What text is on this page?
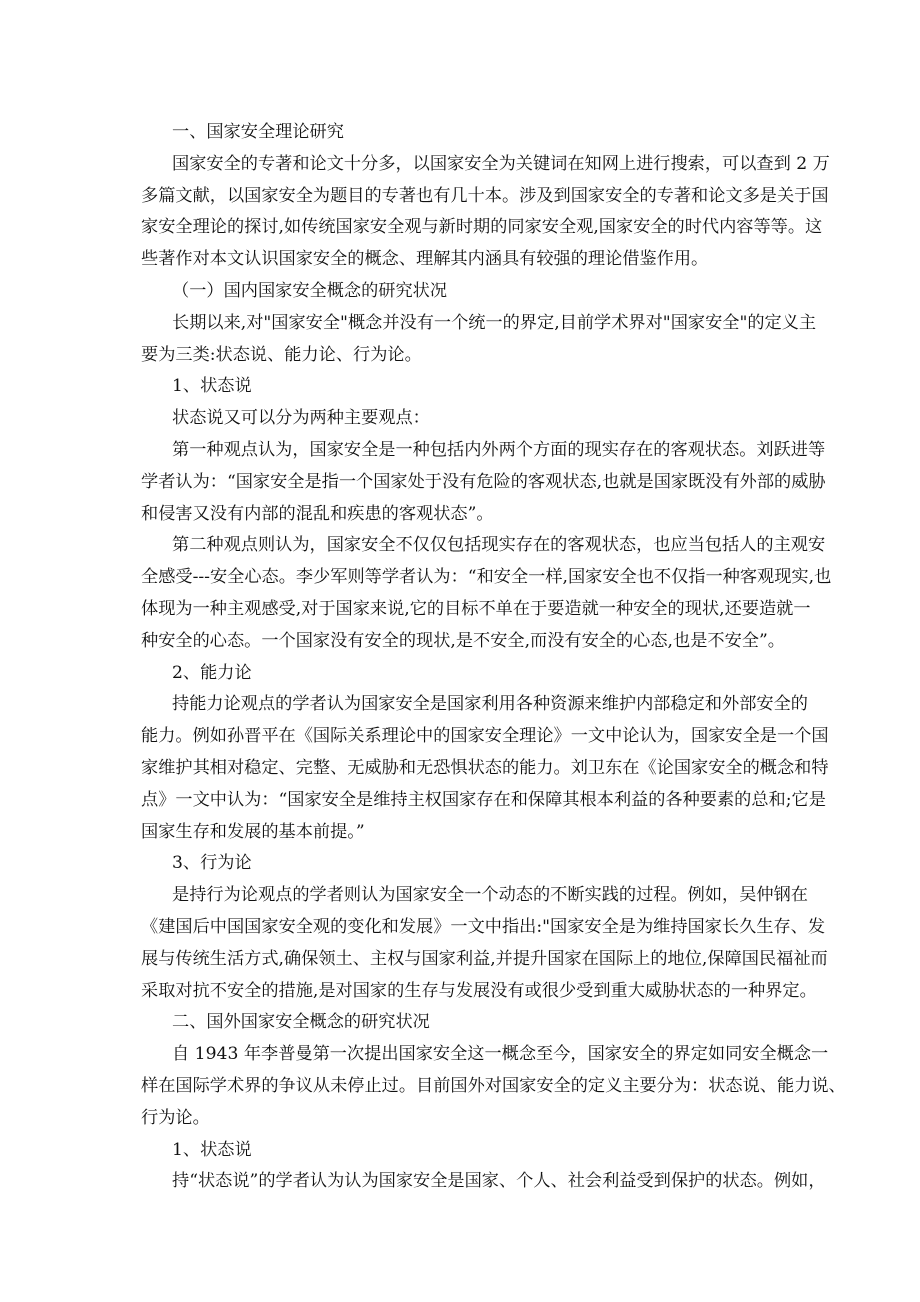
一、国家安全理论研究
国家安全的专著和论文十分多，以国家安全为关键词在知网上进行搜索，可以查到 2 万
多篇文献，以国家安全为题目的专著也有几十本。涉及到国家安全的专著和论文多是关于国
家安全理论的探讨,如传统国家安全观与新时期的同家安全观,国家安全的时代内容等等。这
些著作对本文认识国家安全的概念、理解其内涵具有较强的理论借鉴作用。
（一）国内国家安全概念的研究状况
长期以来,对"国家安全"概念并没有一个统一的界定,目前学术界对"国家安全"的定义主
要为三类:状态说、能力论、行为论。
1、状态说
状态说又可以分为两种主要观点：
第一种观点认为，国家安全是一种包括内外两个方面的现实存在的客观状态。刘跃进等
学者认为：“国家安全是指一个国家处于没有危险的客观状态,也就是国家既没有外部的威胁
和侵害又没有内部的混乱和疾患的客观状态”。
第二种观点则认为，国家安全不仅仅包括现实存在的客观状态，也应当包括人的主观安
全感受---安全心态。李少军则等学者认为：“和安全一样,国家安全也不仅指一种客观现实,也
体现为一种主观感受,对于国家来说,它的目标不单在于要造就一种安全的现状,还要造就一
种安全的心态。一个国家没有安全的现状,是不安全,而没有安全的心态,也是不安全”。
2、能力论
持能力论观点的学者认为国家安全是国家利用各种资源来维护内部稳定和外部安全的
能力。例如孙晋平在《国际关系理论中的国家安全理论》一文中论认为，国家安全是一个国
家维护其相对稳定、完整、无威胁和无恐惧状态的能力。刘卫东在《论国家安全的概念和特
点》一文中认为：“国家安全是维持主权国家存在和保障其根本利益的各种要素的总和;它是
国家生存和发展的基本前提。”
3、行为论
是持行为论观点的学者则认为国家安全一个动态的不断实践的过程。例如，吴仲钢在
《建国后中国国家安全观的变化和发展》一文中指出:"国家安全是为维持国家长久生存、发
展与传统生活方式,确保领土、主权与国家利益,并提升国家在国际上的地位,保障国民福祉而
采取对抗不安全的措施,是对国家的生存与发展没有或很少受到重大威胁状态的一种界定。
二、国外国家安全概念的研究状况
自 1943 年李普曼第一次提出国家安全这一概念至今，国家安全的界定如同安全概念一
样在国际学术界的争议从未停止过。目前国外对国家安全的定义主要分为：状态说、能力说、
行为论。
1、状态说
持“状态说”的学者认为认为国家安全是国家、个人、社会利益受到保护的状态。例如，
